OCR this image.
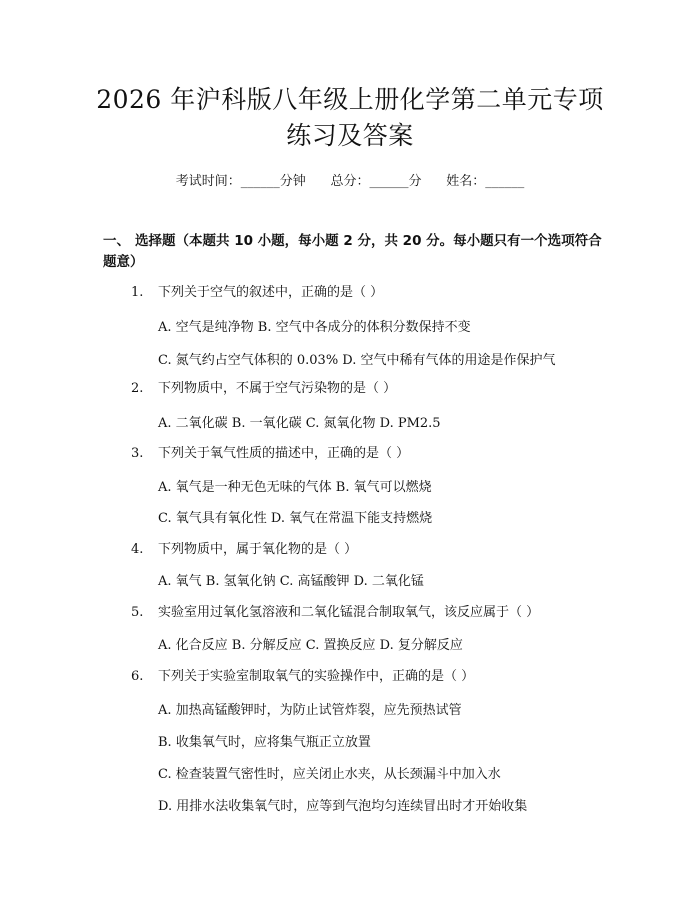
2026 年沪科版八年级上册化学第二单元专项
练习及答案
考试时间：______分钟      总分：______分      姓名：______
一、 选择题（本题共 10 小题，每小题 2 分，共 20 分。每小题只有一个选项符合题意）
1. 下列关于空气的叙述中，正确的是（ ）
A. 空气是纯净物 B. 空气中各成分的体积分数保持不变
C. 氮气约占空气体积的 0.03% D. 空气中稀有气体的用途是作保护气
2. 下列物质中，不属于空气污染物的是（ ）
A. 二氧化碳 B. 一氧化碳 C. 氮氧化物 D. PM2.5
3. 下列关于氧气性质的描述中，正确的是（ ）
A. 氧气是一种无色无味的气体 B. 氧气可以燃烧
C. 氧气具有氧化性 D. 氧气在常温下能支持燃烧
4. 下列物质中，属于氧化物的是（ ）
A. 氧气 B. 氢氧化钠 C. 高锰酸钾 D. 二氧化锰
5. 实验室用过氧化氢溶液和二氧化锰混合制取氧气，该反应属于（ ）
A. 化合反应 B. 分解反应 C. 置换反应 D. 复分解反应
6. 下列关于实验室制取氧气的实验操作中，正确的是（ ）
A. 加热高锰酸钾时，为防止试管炸裂，应先预热试管
B. 收集氧气时，应将集气瓶正立放置
C. 检查装置气密性时，应关闭止水夹，从长颈漏斗中加入水
D. 用排水法收集氧气时，应等到气泡均匀连续冒出时才开始收集
